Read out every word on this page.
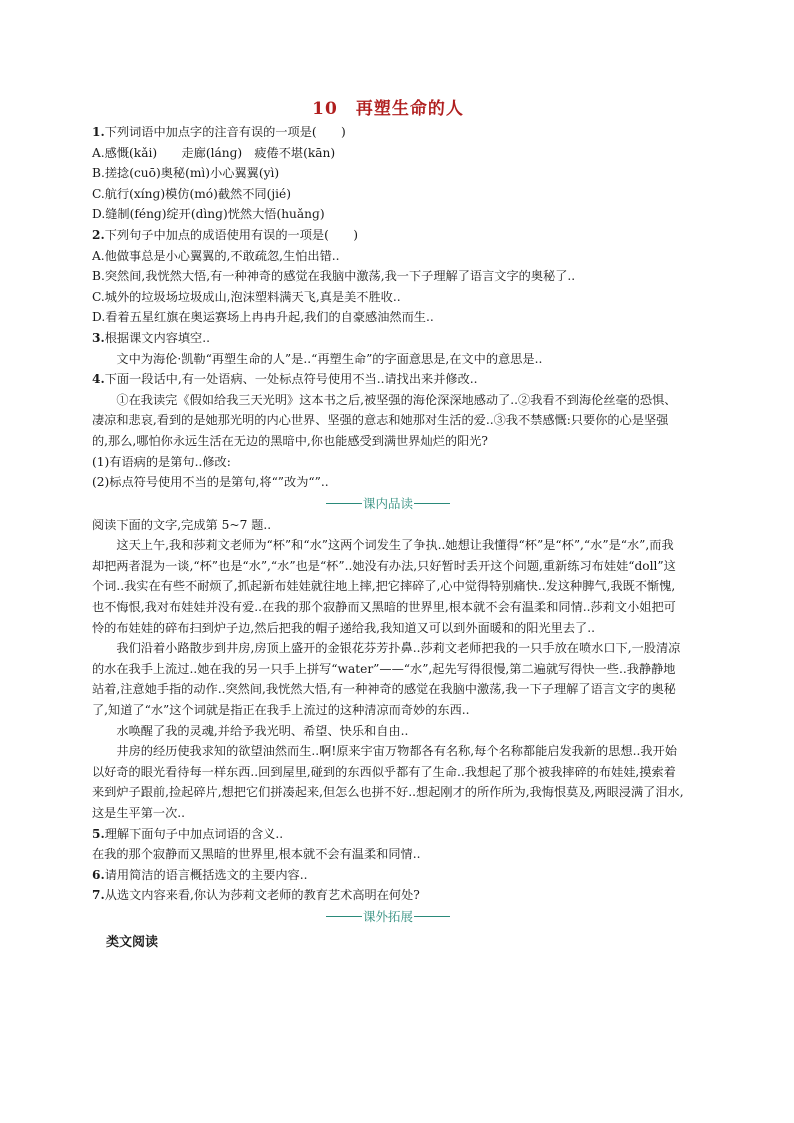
10　再塑生命的人

1.下列词语中加点字的注音有误的一项是(　　)

A.感慨(kǎi)　　走廊(lánɡ)　疲倦不堪(kān)

B.搓捻(cuō)奥秘(mì)小心翼翼(yì)

C.航行(xínɡ)模仿(mó)截然不同(jié)

D.缝制(fénɡ)绽开(dìnɡ)恍然大悟(huǎnɡ)

2.下列句子中加点的成语使用有误的一项是(　　)

A.他做事总是小心翼翼的,不敢疏忽,生怕出错..

B.突然间,我恍然大悟,有一种神奇的感觉在我脑中激荡,我一下子理解了语言文字的奥秘了..

C.城外的垃圾场垃圾成山,泡沫塑料满天飞,真是美不胜收..

D.看着五星红旗在奥运赛场上冉冉升起,我们的自豪感油然而生..

3.根据课文内容填空..

文中为海伦·凯勒“再塑生命的人”是..“再塑生命”的字面意思是,在文中的意思是..

4.下面一段话中,有一处语病、一处标点符号使用不当..请找出来并修改..

①在我读完《假如给我三天光明》这本书之后,被坚强的海伦深深地感动了..②我看不到海伦丝毫的恐惧、凄凉和悲哀,看到的是她那光明的内心世界、坚强的意志和她那对生活的爱..③我不禁感慨:只要你的心是坚强的,那么,哪怕你永远生活在无边的黑暗中,你也能感受到满世界灿烂的阳光?

(1)有语病的是第句..修改:

(2)标点符号使用不当的是第句,将“”改为“”..

课内品读

阅读下面的文字,完成第 5~7 题..

这天上午,我和莎莉文老师为“杯”和“水”这两个词发生了争执..她想让我懂得“杯”是“杯”,“水”是“水”,而我却把两者混为一谈,“杯”也是“水”,“水”也是“杯”..她没有办法,只好暂时丢开这个问题,重新练习布娃娃“doll”这个词..我实在有些不耐烦了,抓起新布娃娃就往地上摔,把它摔碎了,心中觉得特别痛快..发这种脾气,我既不惭愧,也不悔恨,我对布娃娃并没有爱..在我的那个寂静而又黑暗的世界里,根本就不会有温柔和同情..莎莉文小姐把可怜的布娃娃的碎布扫到炉子边,然后把我的帽子递给我,我知道又可以到外面暖和的阳光里去了..

我们沿着小路散步到井房,房顶上盛开的金银花芬芳扑鼻..莎莉文老师把我的一只手放在喷水口下,一股清凉的水在我手上流过..她在我的另一只手上拼写“water”——“水”,起先写得很慢,第二遍就写得快一些..我静静地站着,注意她手指的动作..突然间,我恍然大悟,有一种神奇的感觉在我脑中激荡,我一下子理解了语言文字的奥秘了,知道了“水”这个词就是指正在我手上流过的这种清凉而奇妙的东西..

水唤醒了我的灵魂,并给予我光明、希望、快乐和自由..

井房的经历使我求知的欲望油然而生..啊!原来宇宙万物都各有名称,每个名称都能启发我新的思想..我开始以好奇的眼光看待每一样东西..回到屋里,碰到的东西似乎都有了生命..我想起了那个被我摔碎的布娃娃,摸索着来到炉子跟前,捡起碎片,想把它们拼凑起来,但怎么也拼不好..想起刚才的所作所为,我悔恨莫及,两眼浸满了泪水,这是生平第一次..

5.理解下面句子中加点词语的含义..

在我的那个寂静而又黑暗的世界里,根本就不会有温柔和同情..

6.请用简洁的语言概括选文的主要内容..

7.从选文内容来看,你认为莎莉文老师的教育艺术高明在何处?

课外拓展
类文阅读
